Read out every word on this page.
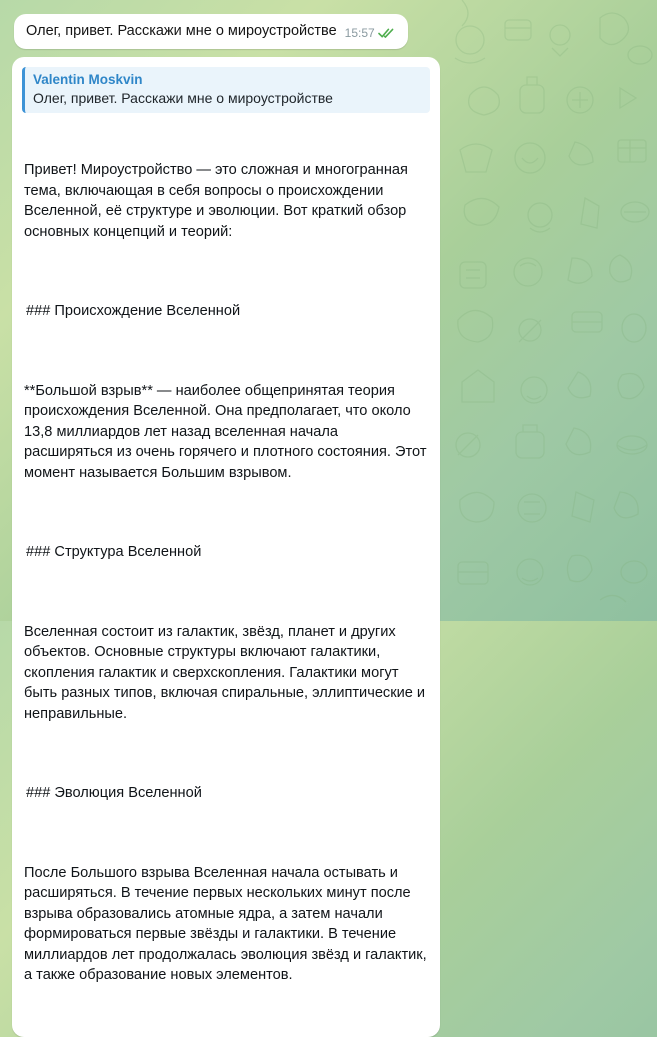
Олег, привет. Расскажи мне о мироустройстве 15:57
Valentin Moskvin
Олег, привет. Расскажи мне о мироустройстве

Привет! Мироустройство — это сложная и многогранная тема, включающая в себя вопросы о происхождении Вселенной, её структуре и эволюции. Вот краткий обзор основных концепций и теорий:

### Происхождение Вселенной

**Большой взрыв** — наиболее общепринятая теория происхождения Вселенной. Она предполагает, что около 13,8 миллиардов лет назад вселенная начала расширяться из очень горячего и плотного состояния. Этот момент называется Большим взрывом.

### Структура Вселенной

Вселенная состоит из галактик, звёзд, планет и других объектов. Основные структуры включают галактики, скопления галактик и сверхскопления. Галактики могут быть разных типов, включая спиральные, эллиптические и неправильные.

### Эволюция Вселенной

После Большого взрыва Вселенная начала остывать и расширяться. В течение первых нескольких минут после взрыва образовались атомные ядра, а затем начали формироваться первые звёзды и галактики. В течение миллиардов лет продолжалась эволюция звёзд и галактик, а также образование новых элементов.
